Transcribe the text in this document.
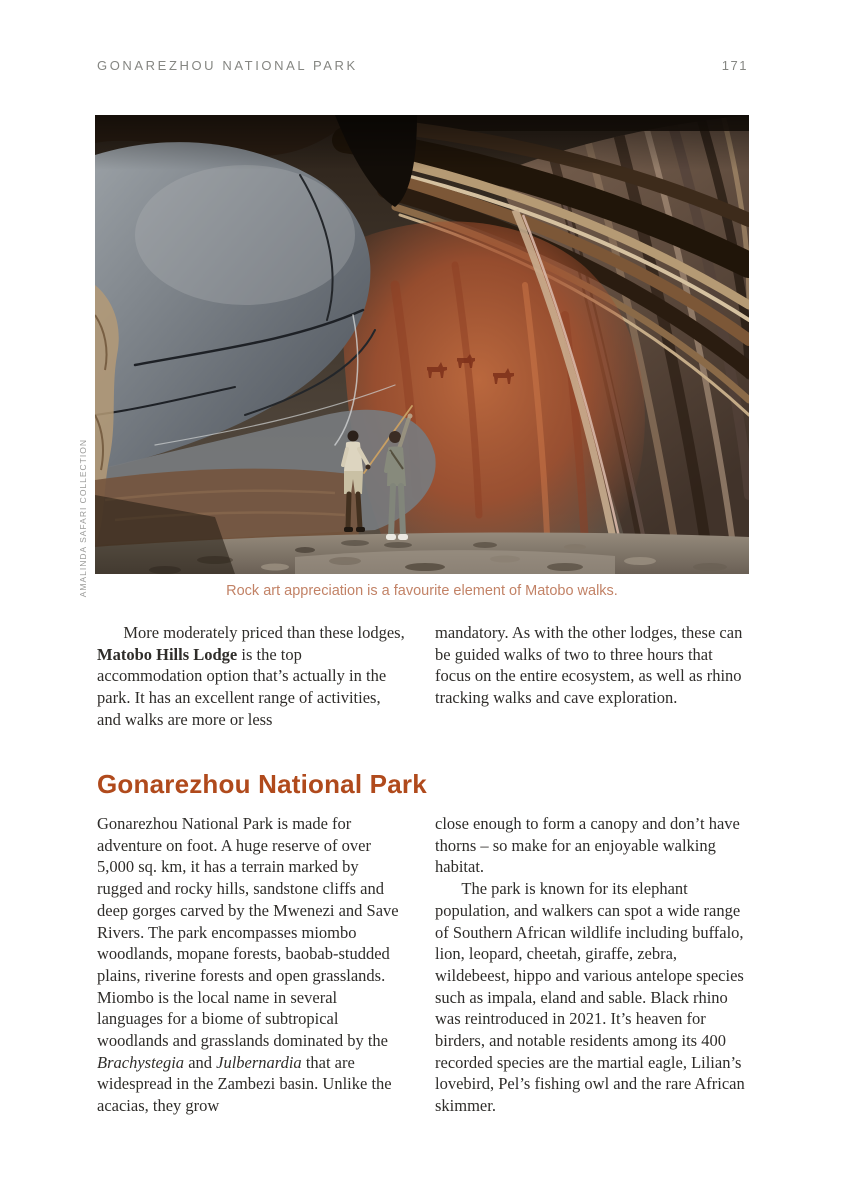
GONAREZHOU NATIONAL PARK	171
AMALINDA SAFARI COLLECTION	Rock art appreciation is a favourite element of Matobo walks.

More moderately priced than these lodges, Matobo Hills Lodge is the top accommodation option that’s actually in the park. It has an excellent range of activities, and walks are more or less

mandatory. As with the other lodges, these can be guided walks of two to three hours that focus on the entire ecosystem, as well as rhino tracking walks and cave exploration.

Gonarezhou National Park

Gonarezhou National Park is made for adventure on foot. A huge reserve of over 5,000 sq. km, it has a terrain marked by rugged and rocky hills, sandstone cliffs and deep gorges carved by the Mwenezi and Save Rivers. The park encompasses miombo woodlands, mopane forests, baobab-studded plains, riverine forests and open grasslands. Miombo is the local name in several languages for a biome of subtropical woodlands and grasslands dominated by the Brachystegia and Julbernardia that are widespread in the Zambezi basin. Unlike the acacias, they grow

close enough to form a canopy and don’t have thorns – so make for an enjoyable walking habitat.

The park is known for its elephant population, and walkers can spot a wide range of Southern African wildlife including buffalo, lion, leopard, cheetah, giraffe, zebra, wildebeest, hippo and various antelope species such as impala, eland and sable. Black rhino was reintroduced in 2021. It’s heaven for birders, and notable residents among its 400 recorded species are the martial eagle, Lilian’s lovebird, Pel’s fishing owl and the rare African skimmer.
